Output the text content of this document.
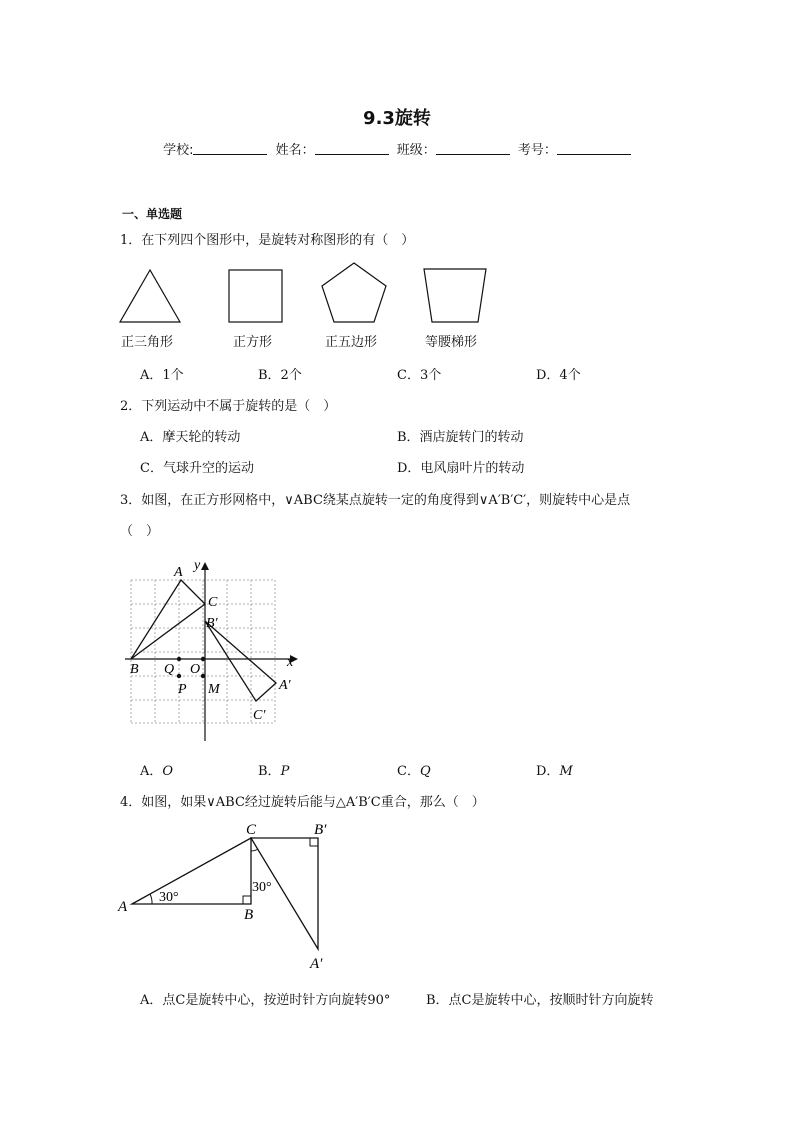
9.3旋转
学校:	姓名：	班级：	考号：
一、单选题
1．在下列四个图形中，是旋转对称图形的有（　）
正三角形	正方形	正五边形	等腰梯形
A．1个	B．2个	C．3个	D．4个
2．下列运动中不属于旋转的是（　）
A．摩天轮的转动	B．酒店旋转门的转动
C．气球升空的运动	D．电风扇叶片的转动
3．如图，在正方形网格中，∨ABC绕某点旋转一定的角度得到∨A′B′C′，则旋转中心是点
（　）
A y
C
B′
B Q O	x
A′
P M
C′
A．O	B．P	C．Q	D．M
4．如图，如果∨ABC经过旋转后能与△A′B′C重合，那么（　）
C	B′
A
30°
30°
B
A′
A．点C是旋转中心，按逆时针方向旋转90°	B．点C是旋转中心，按顺时针方向旋转
